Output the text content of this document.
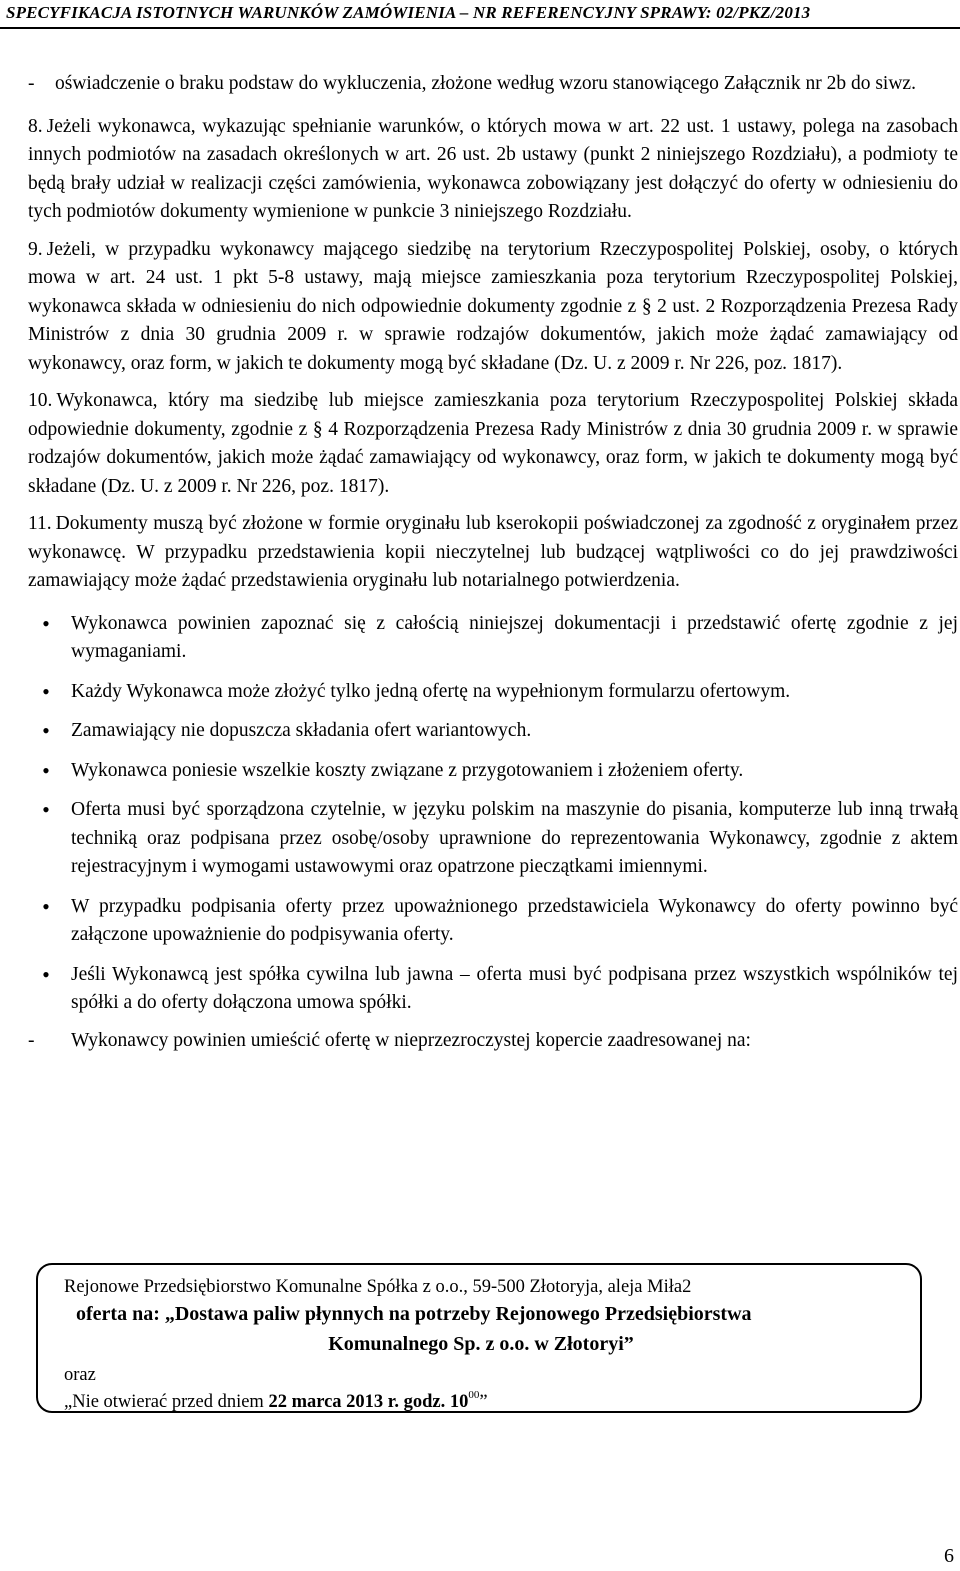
SPECYFIKACJA ISTOTNYCH WARUNKÓW ZAMÓWIENIA – NR REFERENCYJNY SPRAWY: 02/PKZ/2013
-	oświadczenie o braku podstaw do wykluczenia, złożone według wzoru stanowiącego Załącznik nr 2b do siwz.

8. Jeżeli wykonawca, wykazując spełnianie warunków, o których mowa w art. 22 ust. 1 ustawy, polega na zasobach innych podmiotów na zasadach określonych w art. 26 ust. 2b ustawy (punkt 2 niniejszego Rozdziału), a podmioty te będą brały udział w realizacji części zamówienia, wykonawca zobowiązany jest dołączyć do oferty w odniesieniu do tych podmiotów dokumenty wymienione w punkcie 3 niniejszego Rozdziału.

9. Jeżeli, w przypadku wykonawcy mającego siedzibę na terytorium Rzeczypospolitej Polskiej, osoby, o których mowa w art. 24 ust. 1 pkt 5-8 ustawy, mają miejsce zamieszkania poza terytorium Rzeczypospolitej Polskiej, wykonawca składa w odniesieniu do nich odpowiednie dokumenty zgodnie z § 2 ust. 2 Rozporządzenia Prezesa Rady Ministrów z dnia 30 grudnia 2009 r. w sprawie rodzajów dokumentów, jakich może żądać zamawiający od wykonawcy, oraz form, w jakich te dokumenty mogą być składane (Dz. U. z 2009 r. Nr 226, poz. 1817).

10. Wykonawca, który ma siedzibę lub miejsce zamieszkania poza terytorium Rzeczypospolitej Polskiej składa odpowiednie dokumenty, zgodnie z § 4 Rozporządzenia Prezesa Rady Ministrów z dnia 30 grudnia 2009 r. w sprawie rodzajów dokumentów, jakich może żądać zamawiający od wykonawcy, oraz form, w jakich te dokumenty mogą być składane (Dz. U. z 2009 r. Nr 226, poz. 1817).

11. Dokumenty muszą być złożone w formie oryginału lub kserokopii poświadczonej za zgodność z oryginałem przez wykonawcę. W przypadku przedstawienia kopii nieczytelnej lub budzącej wątpliwości co do jej prawdziwości zamawiający może żądać przedstawienia oryginału lub notarialnego potwierdzenia.

•	Wykonawca powinien zapoznać się z całością niniejszej dokumentacji i przedstawić ofertę zgodnie z jej wymaganiami.
•	Każdy Wykonawca może złożyć tylko jedną ofertę na wypełnionym formularzu ofertowym.
•	Zamawiający nie dopuszcza składania ofert wariantowych.
•	Wykonawca poniesie wszelkie koszty związane z przygotowaniem i złożeniem oferty.
•	Oferta musi być sporządzona czytelnie, w języku polskim na maszynie do pisania, komputerze lub inną trwałą techniką oraz podpisana przez osobę/osoby uprawnione do reprezentowania Wykonawcy, zgodnie z aktem rejestracyjnym i wymogami ustawowymi oraz opatrzone pieczątkami imiennymi.
•	W przypadku podpisania oferty przez upoważnionego przedstawiciela Wykonawcy do oferty powinno być załączone upoważnienie do podpisywania oferty.
•	Jeśli Wykonawcą jest spółka cywilna lub jawna – oferta musi być podpisana przez wszystkich wspólników tej spółki a do oferty dołączona umowa spółki.
-	Wykonawcy powinien umieścić ofertę w nieprzezroczystej kopercie zaadresowanej na:
Rejonowe Przedsiębiorstwo Komunalne Spółka z o.o., 59-500 Złotoryja, aleja Miła2
oferta na: „Dostawa paliw płynnych na potrzeby Rejonowego Przedsiębiorstwa
Komunalnego Sp. z o.o. w Złotoryi”
oraz
„Nie otwierać przed dniem 22 marca 2013 r. godz. $10^{00}$”
6
